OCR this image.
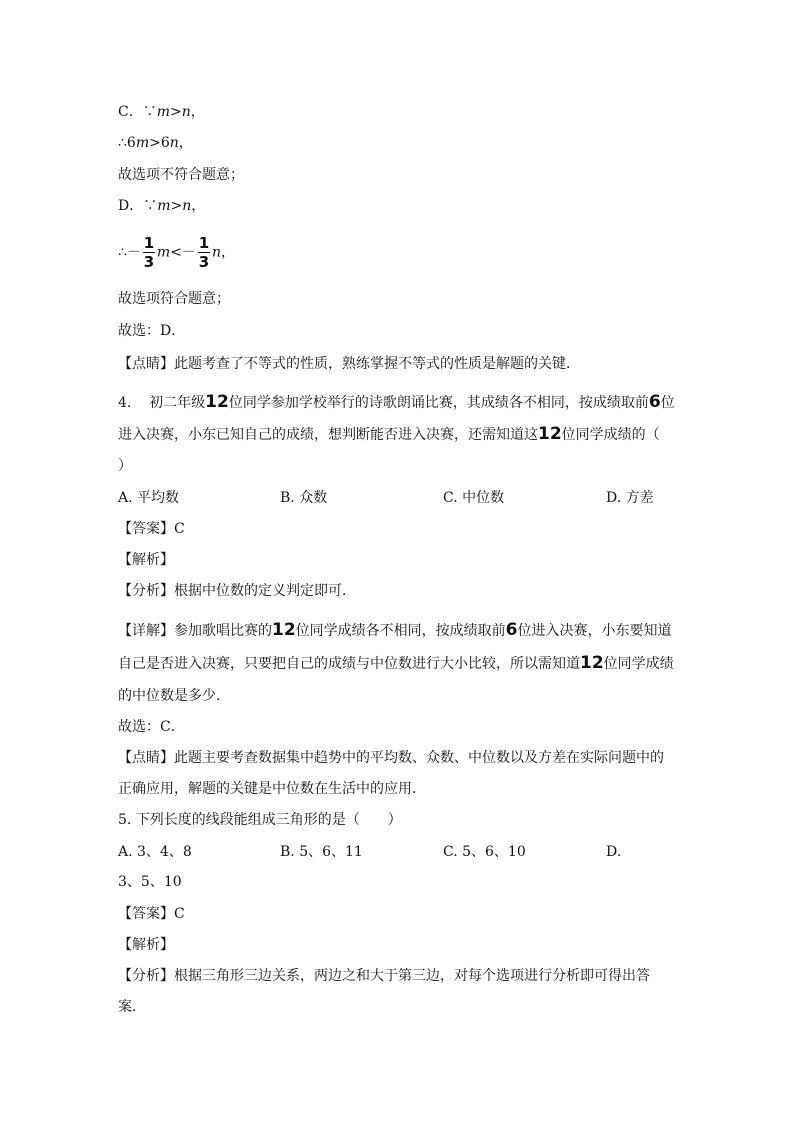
C．∵m>n，
∴6m>6n，
故选项不符合题意；
D．∵m>n，
∴－ $\frac{1}{3} m<- \frac{1}{3}$ n，
故选项符合题意；
故选：D．
【点睛】此题考查了不等式的性质，熟练掌握不等式的性质是解题的关键．
4. 初二年级12位同学参加学校举行的诗歌朗诵比赛，其成绩各不相同，按成绩取前6位
进入决赛，小东已知自己的成绩，想判断能否进入决赛，还需知道这12位同学成绩的（
）
A. 平均数	B. 众数	C. 中位数	D. 方差
【答案】C
【解析】
【分析】根据中位数的定义判定即可．
【详解】参加歌唱比赛的12位同学成绩各不相同，按成绩取前6位进入决赛，小东要知道
自己是否进入决赛，只要把自己的成绩与中位数进行大小比较，所以需知道12位同学成绩
的中位数是多少．
故选：C．
【点睛】此题主要考查数据集中趋势中的平均数、众数、中位数以及方差在实际问题中的
正确应用，解题的关键是中位数在生活中的应用．
5. 下列长度的线段能组成三角形的是（　　）
A. 3、4、8	B. 5、6、11	C. 5、6、10	D.
3、5、10
【答案】C
【解析】
【分析】根据三角形三边关系，两边之和大于第三边，对每个选项进行分析即可得出答
案．
